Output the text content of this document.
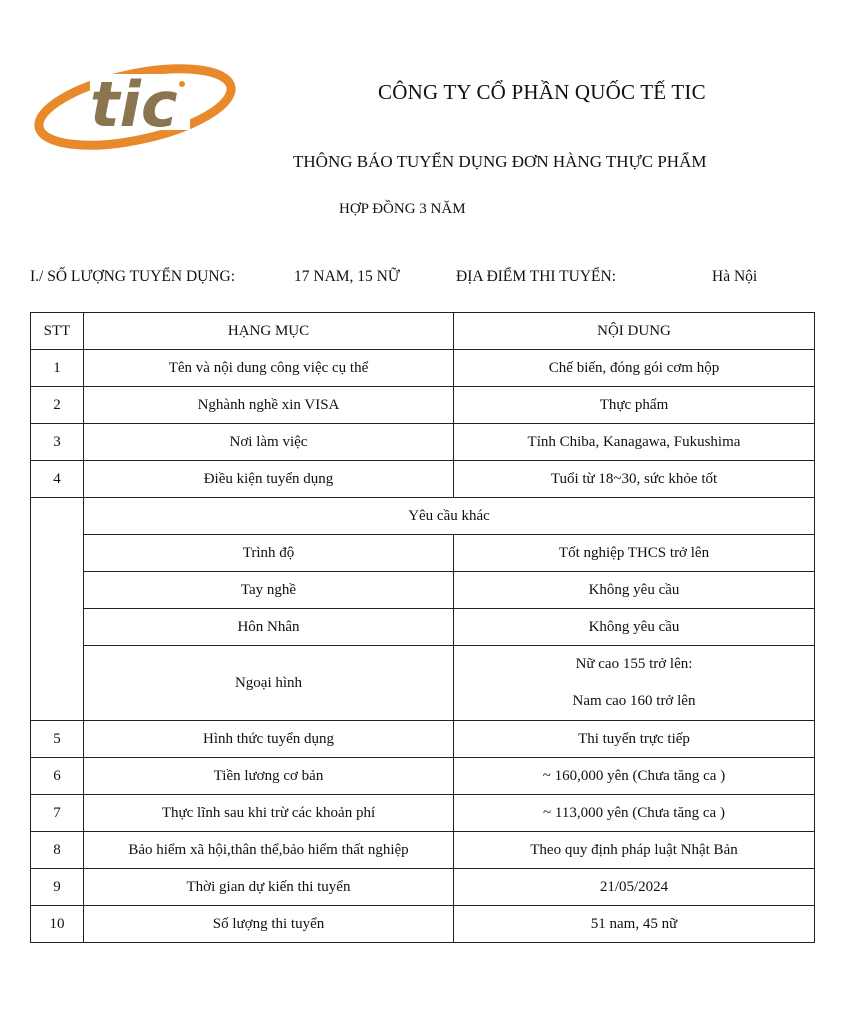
tic	CÔNG TY CỔ PHẦN QUỐC TẾ TIC
THÔNG BÁO TUYỂN DỤNG ĐƠN HÀNG THỰC PHẨM
HỢP ĐỒNG 3 NĂM
I./ SỐ LƯỢNG TUYỂN DỤNG:	17 NAM, 15 NỮ	ĐỊA ĐIỂM THI TUYỂN:	Hà Nội
STT	HẠNG MỤC	NỘI DUNG
1	Tên và nội dung công việc cụ thể	Chế biến, đóng gói cơm hộp
2	Nghành nghề xin VISA	Thực phẩm
3	Nơi làm việc	Tỉnh Chiba, Kanagawa, Fukushima
4	Điều kiện tuyển dụng	Tuổi từ 18~30, sức khỏe tốt
	Yêu cầu khác	
	Trình độ	Tốt nghiệp THCS trở lên
	Tay nghề	Không yêu cầu
	Hôn Nhân	Không yêu cầu
	Ngoại hình	Nữ cao 155 trở lên:
Nam cao 160 trở lên

5	Hình thức tuyển dụng	Thi tuyển trực tiếp
6	Tiền lương cơ bản	~ 160,000 yên (Chưa tăng ca )
7	Thực lĩnh sau khi trừ các khoản phí	~ 113,000 yên (Chưa tăng ca )
8	Bảo hiểm xã hội,thân thể,bảo hiểm thất nghiệp	Theo quy định pháp luật Nhật Bản
9	Thời gian dự kiến thi tuyển	21/05/2024
10	Số lượng thi tuyển	51 nam, 45 nữ
